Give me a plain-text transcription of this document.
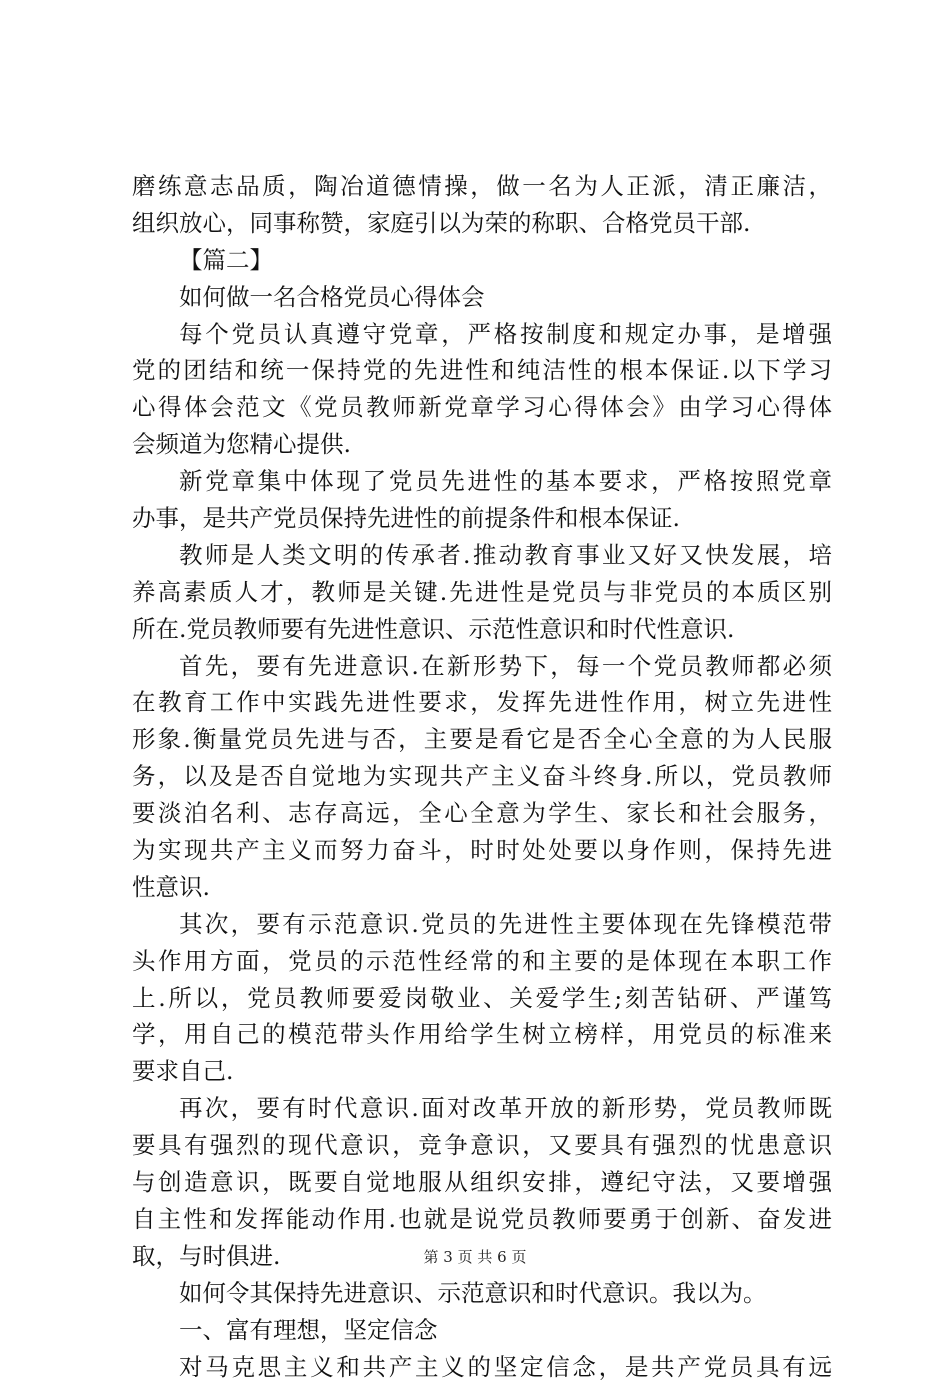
磨练意志品质，陶冶道德情操，做一名为人正派，清正廉洁，
组织放心，同事称赞，家庭引以为荣的称职、合格党员干部.
【篇二】
如何做一名合格党员心得体会
每个党员认真遵守党章，严格按制度和规定办事，是增强
党的团结和统一保持党的先进性和纯洁性的根本保证.以下学习
心得体会范文《党员教师新党章学习心得体会》由学习心得体
会频道为您精心提供.
新党章集中体现了党员先进性的基本要求，严格按照党章
办事，是共产党员保持先进性的前提条件和根本保证.
教师是人类文明的传承者.推动教育事业又好又快发展，培
养高素质人才，教师是关键.先进性是党员与非党员的本质区别
所在.党员教师要有先进性意识、示范性意识和时代性意识.
首先，要有先进意识.在新形势下，每一个党员教师都必须
在教育工作中实践先进性要求，发挥先进性作用，树立先进性
形象.衡量党员先进与否，主要是看它是否全心全意的为人民服
务，以及是否自觉地为实现共产主义奋斗终身.所以，党员教师
要淡泊名利、志存高远，全心全意为学生、家长和社会服务，
为实现共产主义而努力奋斗，时时处处要以身作则，保持先进
性意识.
其次，要有示范意识.党员的先进性主要体现在先锋模范带
头作用方面，党员的示范性经常的和主要的是体现在本职工作
上.所以，党员教师要爱岗敬业、关爱学生;刻苦钻研、严谨笃
学，用自己的模范带头作用给学生树立榜样，用党员的标准来
要求自己.
再次，要有时代意识.面对改革开放的新形势，党员教师既
要具有强烈的现代意识，竞争意识，又要具有强烈的忧患意识
与创造意识，既要自觉地服从组织安排，遵纪守法，又要增强
自主性和发挥能动作用.也就是说党员教师要勇于创新、奋发进
取，与时俱进.
如何令其保持先进意识、示范意识和时代意识。我以为。
一、富有理想，坚定信念
对马克思主义和共产主义的坚定信念，是共产党员具有远
第 3 页 共 6 页
